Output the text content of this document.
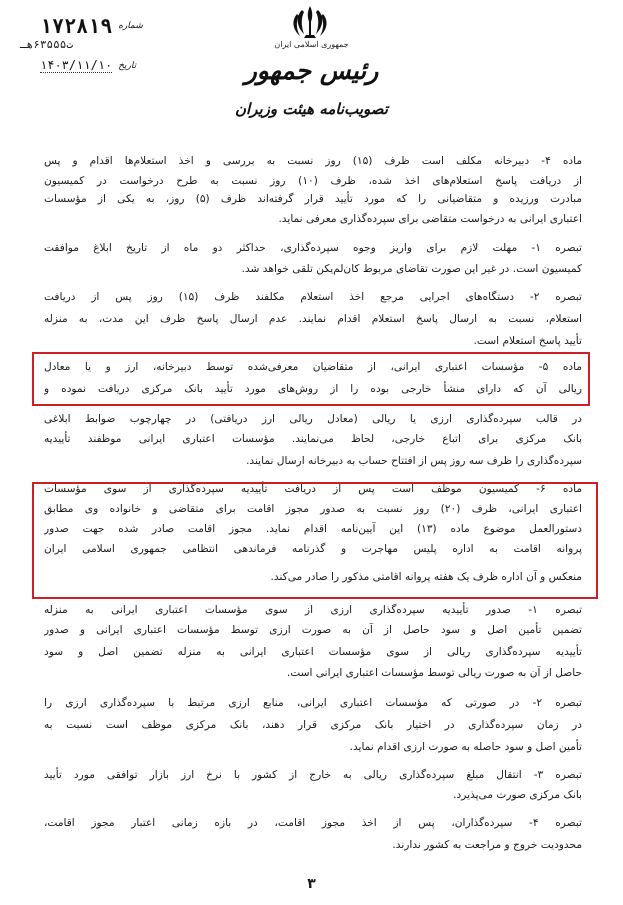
جمهوری اسلامی ایران
رئیس جمهور
تصویب‌نامه هیئت وزیران
شماره
۱۷۲۸۱۹
ت۶۳۵۵۵هـ
تاریخ
۱۴۰۳/۱۱/۱۰
ماده ۴- دبیرخانه مکلف است ظرف (۱۵) روز نسبت به بررسی و اخذ استعلام‌ها اقدام و پس
از دریافت پاسخ استعلام‌های اخذ شده، ظرف (۱۰) روز نسبت به طرح درخواست در کمیسیون
مبادرت ورزیده و متقاضیانی را که مورد تأیید قرار گرفته‌اند ظرف (۵) روز، به یکی از مؤسسات
اعتباری ایرانی به درخواست متقاضی برای سپرده‌گذاری معرفی نماید.
تبصره ۱- مهلت لازم برای واریز وجوه سپرده‌گذاری، حداکثر دو ماه از تاریخ ابلاغ موافقت
کمیسیون است. در غیر این صورت تقاضای مربوط کان‌لم‌یکن تلقی خواهد شد.
تبصره ۲- دستگاه‌های اجرایی مرجع اخذ استعلام مکلفند ظرف (۱۵) روز پس از دریافت
استعلام، نسبت به ارسال پاسخ استعلام اقدام نمایند. عدم ارسال پاسخ ظرف این مدت، به منزله
تأیید پاسخ استعلام است.
ماده ۵- مؤسسات اعتباری ایرانی، از متقاضیان معرفی‌شده توسط دبیرخانه، ارز و یا معادل
ریالی آن که دارای منشأ خارجی بوده را از روش‌های مورد تأیید بانک مرکزی دریافت نموده و
در قالب سپرده‌گذاری ارزی یا ریالی (معادل ریالی ارز دریافتی) در چهارچوب ضوابط ابلاغی
بانک مرکزی برای اتباع خارجی، لحاظ می‌نمایند. مؤسسات اعتباری ایرانی موظفند تأییدیه
سپرده‌گذاری را ظرف سه روز پس از افتتاح حساب به دبیرخانه ارسال نمایند.
ماده ۶- کمیسیون موظف است پس از دریافت تأییدیه سپرده‌گذاری از سوی مؤسسات
اعتباری ایرانی، ظرف (۲۰) روز نسبت به صدور مجوز اقامت برای متقاضی و خانواده وی مطابق
دستورالعمل موضوع ماده (۱۳) این آیین‌نامه اقدام نماید. مجوز اقامت صادر شده جهت صدور
پروانه اقامت به اداره پلیس مهاجرت و گذرنامه فرماندهی انتظامی جمهوری اسلامی ایران
منعکس و آن اداره ظرف یک هفته پروانه اقامتی مذکور را صادر می‌کند.
تبصره ۱- صدور تأییدیه سپرده‌گذاری ارزی از سوی مؤسسات اعتباری ایرانی به منزله
تضمین تأمین اصل و سود حاصل از آن به صورت ارزی توسط مؤسسات اعتباری ایرانی و صدور
تأییدیه سپرده‌گذاری ریالی از سوی مؤسسات اعتباری ایرانی به منزله تضمین اصل و سود
حاصل از آن به صورت ریالی توسط مؤسسات اعتباری ایرانی است.
تبصره ۲- در صورتی که مؤسسات اعتباری ایرانی، منابع ارزی مرتبط با سپرده‌گذاری ارزی را
در زمان سپرده‌گذاری در اختیار بانک مرکزی قرار دهند، بانک مرکزی موظف است نسبت به
تأمین اصل و سود حاصله به صورت ارزی اقدام نماید.
تبصره ۳- انتقال مبلغ سپرده‌گذاری ریالی به خارج از کشور با نرخ ارز بازار توافقی مورد تأیید
بانک مرکزی صورت می‌پذیرد.
تبصره ۴- سپرده‌گذاران، پس از اخذ مجوز اقامت، در بازه زمانی اعتبار مجوز اقامت،
محدودیت خروج و مراجعت به کشور ندارند.
۳
